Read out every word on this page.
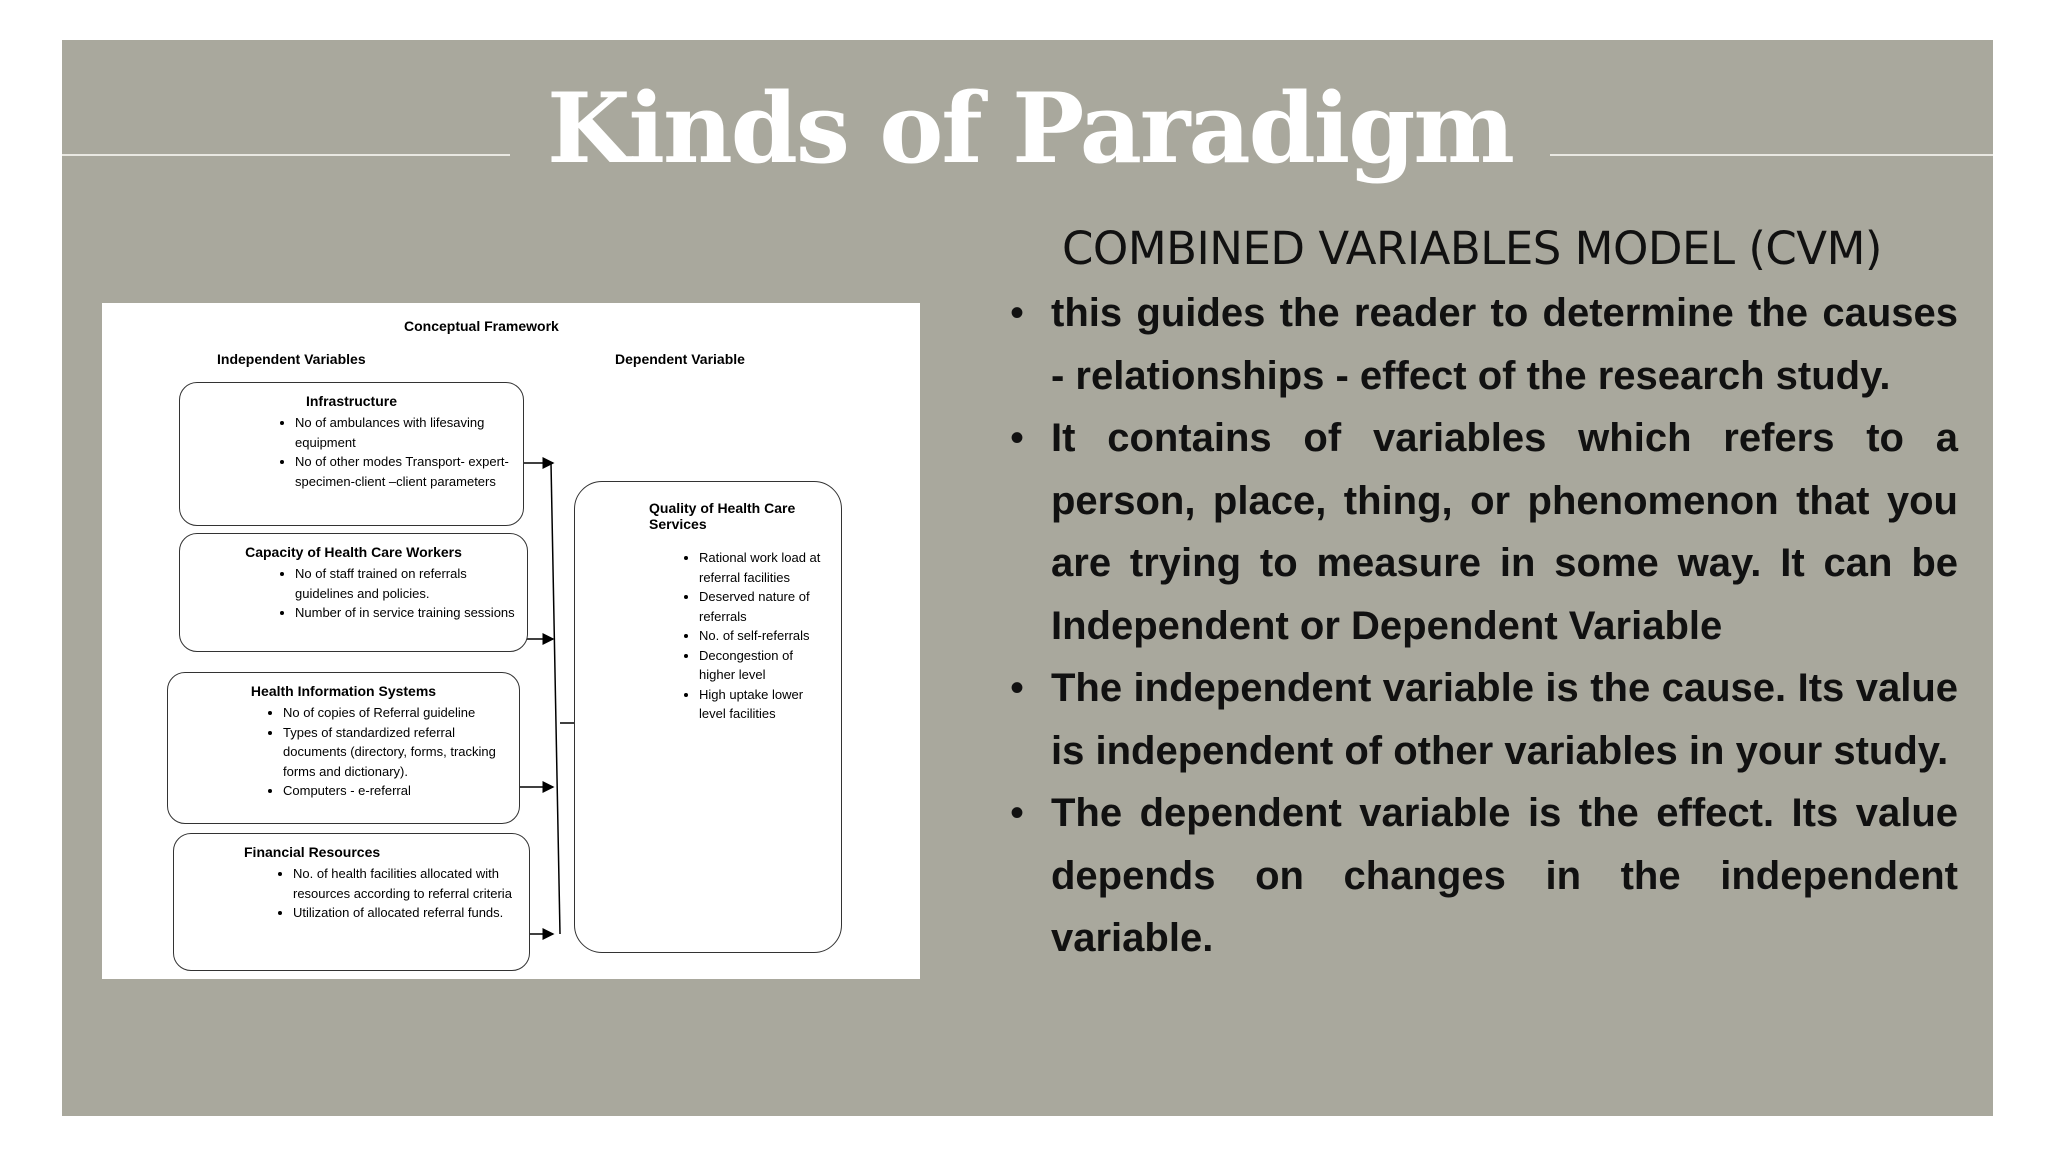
Kinds of Paradigm
Conceptual Framework
Independent Variables	Dependent Variable
Infrastructure
• No of ambulances with lifesaving equipment
• No of other modes Transport- expert-specimen-client –client parameters
Capacity of Health Care Workers
• No of staff trained on referrals guidelines and policies.
• Number of in service training sessions
Health Information Systems
• No of copies of Referral guideline
• Types of standardized referral documents (directory, forms, tracking forms and dictionary).
• Computers - e-referral
Financial Resources
• No. of health facilities allocated with resources according to referral criteria
• Utilization of allocated referral funds.
Quality of Health Care Services
• Rational work load at referral facilities
• Deserved nature of referrals
• No. of self-referrals
• Decongestion of higher level
• High uptake lower level facilities
COMBINED VARIABLES MODEL (CVM)
• this guides the reader to determine the causes - relationships - effect of the research study.
• It contains of variables which refers to a person, place, thing, or phenomenon that you are trying to measure in some way. It can be Independent or Dependent Variable
• The independent variable is the cause. Its value is independent of other variables in your study.
• The dependent variable is the effect. Its value depends on changes in the independent variable.
